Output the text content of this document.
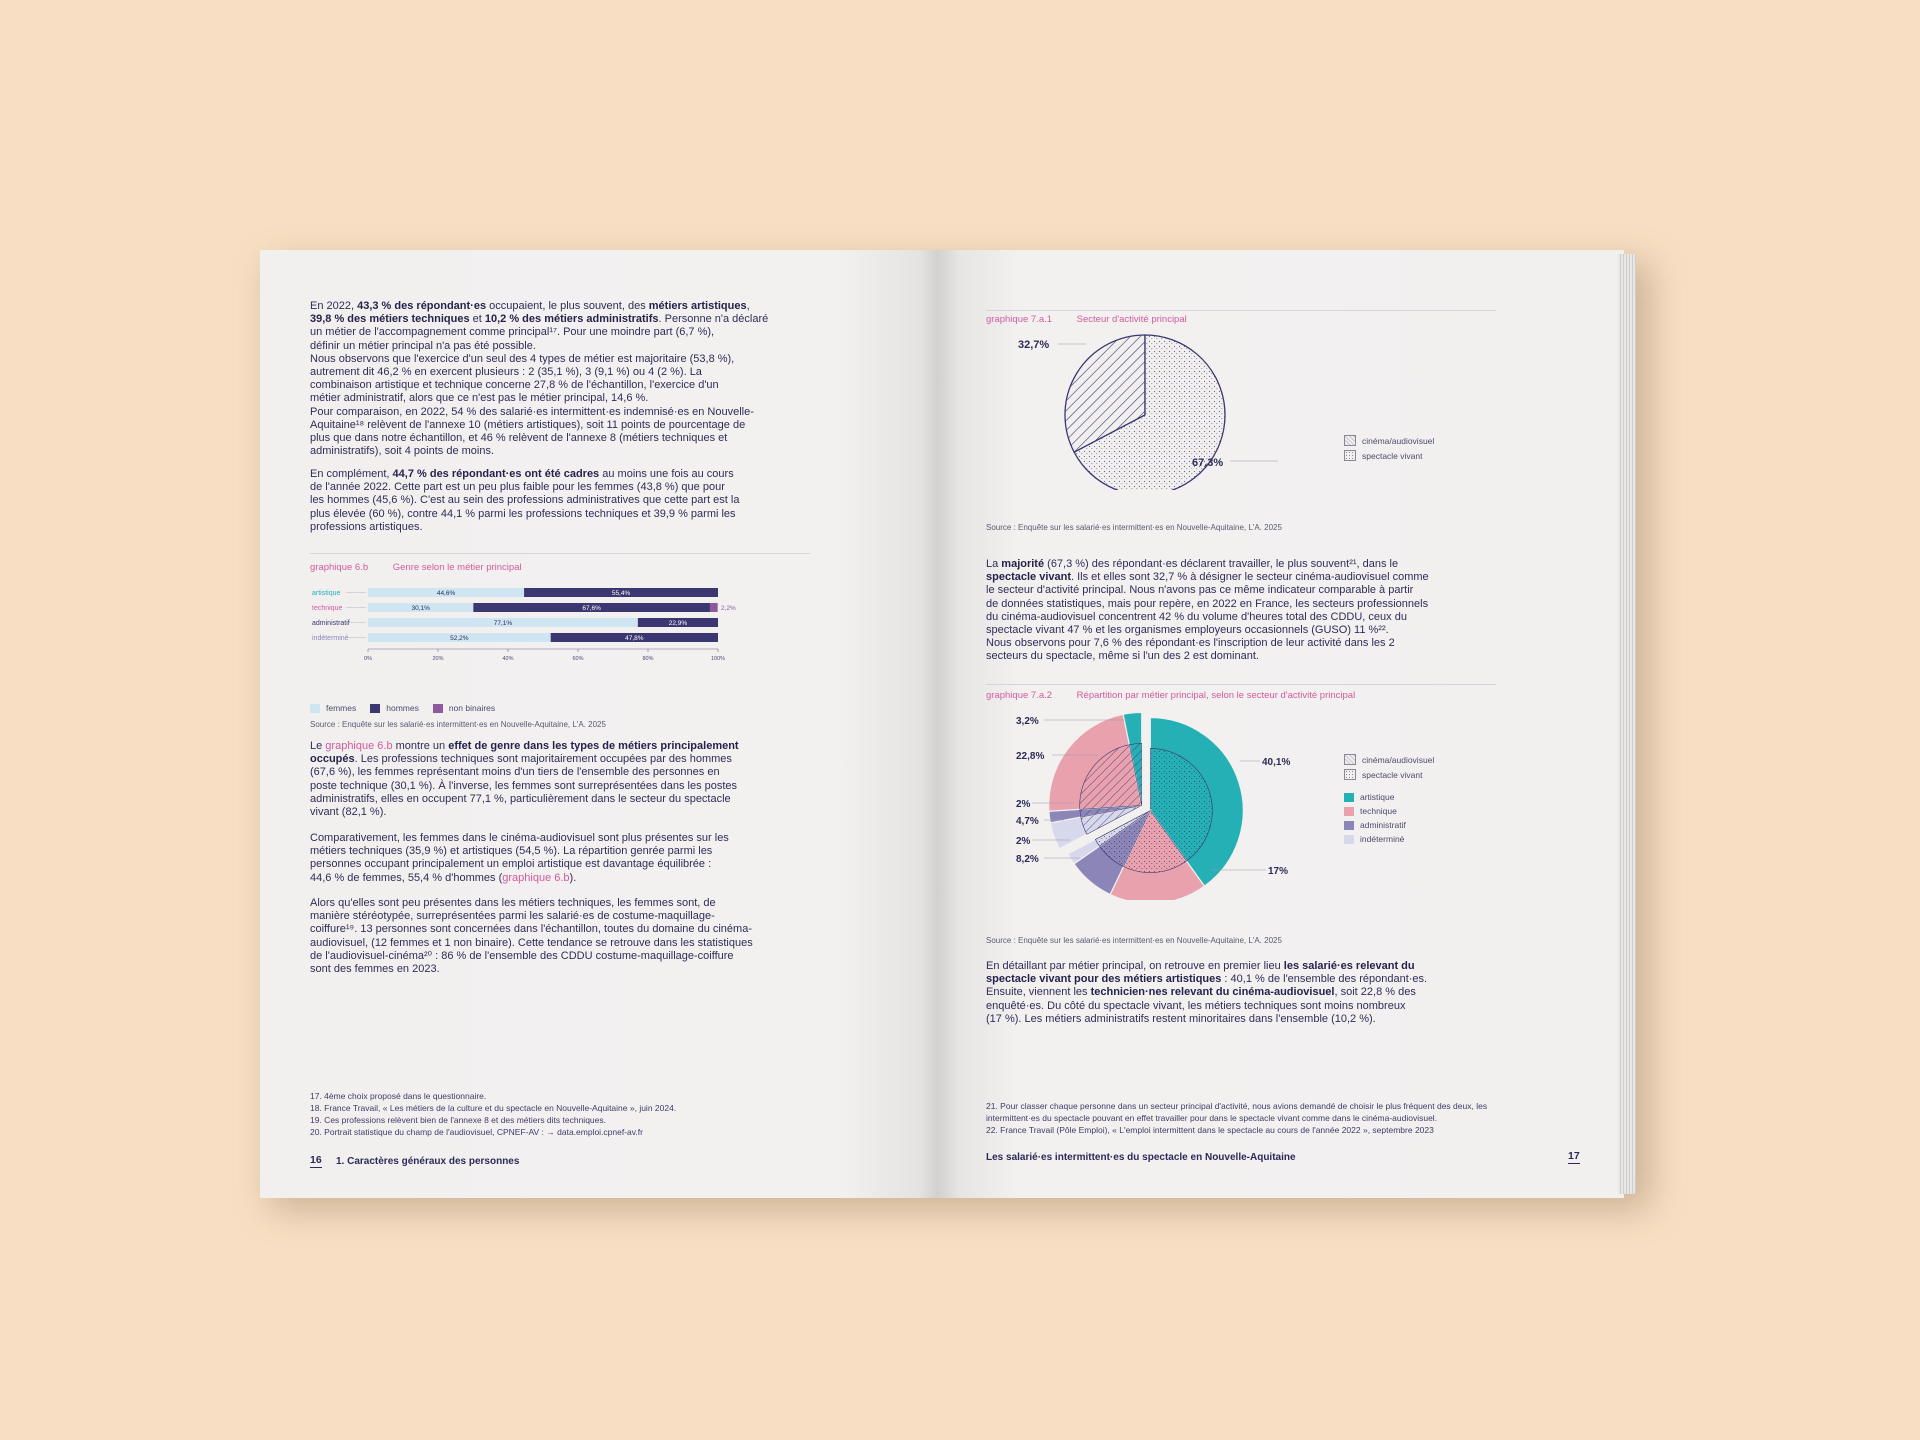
En 2022, 43,3 % des répondant·es occupaient, le plus souvent, des métiers artistiques,
39,8 % des métiers techniques et 10,2 % des métiers administratifs. Personne n'a déclaré
un métier de l'accompagnement comme principal¹⁷. Pour une moindre part (6,7 %),
définir un métier principal n'a pas été possible.
Nous observons que l'exercice d'un seul des 4 types de métier est majoritaire (53,8 %),
autrement dit 46,2 % en exercent plusieurs : 2 (35,1 %), 3 (9,1 %) ou 4 (2 %). La
combinaison artistique et technique concerne 27,8 % de l'échantillon, l'exercice d'un
métier administratif, alors que ce n'est pas le métier principal, 14,6 %.
Pour comparaison, en 2022, 54 % des salarié·es intermittent·es indemnisé·es en Nouvelle-
Aquitaine¹⁸ relèvent de l'annexe 10 (métiers artistiques), soit 11 points de pourcentage de
plus que dans notre échantillon, et 46 % relèvent de l'annexe 8 (métiers techniques et
administratifs), soit 4 points de moins.
En complément, 44,7 % des répondant·es ont été cadres au moins une fois au cours
de l'année 2022. Cette part est un peu plus faible pour les femmes (43,8 %) que pour
les hommes (45,6 %). C'est au sein des professions administratives que cette part est la
plus élevée (60 %), contre 44,1 % parmi les professions techniques et 39,9 % parmi les
professions artistiques.
graphique 6.b	Genre selon le métier principal
artistique	44,6%	55,4%
technique	30,1%	67,6%	2,2%
administratif	77,1%	22,9%
indéterminé	52,2%	47,8%
0%	20%	40%	60%	80%	100%
femmes	hommes	non binaires
Source : Enquête sur les salarié·es intermittent·es en Nouvelle-Aquitaine, L'A. 2025
Le graphique 6.b montre un effet de genre dans les types de métiers principalement
occupés. Les professions techniques sont majoritairement occupées par des hommes
(67,6 %), les femmes représentant moins d'un tiers de l'ensemble des personnes en
poste technique (30,1 %). À l'inverse, les femmes sont surreprésentées dans les postes
administratifs, elles en occupent 77,1 %, particulièrement dans le secteur du spectacle
vivant (82,1 %).
Comparativement, les femmes dans le cinéma-audiovisuel sont plus présentes sur les
métiers techniques (35,9 %) et artistiques (54,5 %). La répartition genrée parmi les
personnes occupant principalement un emploi artistique est davantage équilibrée :
44,6 % de femmes, 55,4 % d'hommes (graphique 6.b).
Alors qu'elles sont peu présentes dans les métiers techniques, les femmes sont, de
manière stéréotypée, surreprésentées parmi les salarié·es de costume-maquillage-
coiffure¹⁹. 13 personnes sont concernées dans l'échantillon, toutes du domaine du cinéma-
audiovisuel, (12 femmes et 1 non binaire). Cette tendance se retrouve dans les statistiques
de l'audiovisuel-cinéma²⁰ : 86 % de l'ensemble des CDDU costume-maquillage-coiffure
sont des femmes en 2023.
17. 4ème choix proposé dans le questionnaire.
18. France Travail, « Les métiers de la culture et du spectacle en Nouvelle-Aquitaine », juin 2024.
19. Ces professions relèvent bien de l'annexe 8 et des métiers dits techniques.
20. Portrait statistique du champ de l'audiovisuel, CPNEF-AV : → data.emploi.cpnef-av.fr
16 1. Caractères généraux des personnes
graphique 7.a.1	Secteur d'activité principal
32,7%
67,3%
cinéma/audiovisuel
spectacle vivant
Source : Enquête sur les salarié·es intermittent·es en Nouvelle-Aquitaine, L'A. 2025
La majorité (67,3 %) des répondant·es déclarent travailler, le plus souvent²¹, dans le
spectacle vivant. Ils et elles sont 32,7 % à désigner le secteur cinéma-audiovisuel comme
le secteur d'activité principal. Nous n'avons pas ce même indicateur comparable à partir
de données statistiques, mais pour repère, en 2022 en France, les secteurs professionnels
du cinéma-audiovisuel concentrent 42 % du volume d'heures total des CDDU, ceux du
spectacle vivant 47 % et les organismes employeurs occasionnels (GUSO) 11 %²².
Nous observons pour 7,6 % des répondant·es l'inscription de leur activité dans les 2
secteurs du spectacle, même si l'un des 2 est dominant.
graphique 7.a.2	Répartition par métier principal, selon le secteur d'activité principal
3,2%
22,8%
40,1%
2%
4,7%
2%
8,2%
17%
cinéma/audiovisuel
spectacle vivant
artistique
technique
administratif
indéterminé
Source : Enquête sur les salarié·es intermittent·es en Nouvelle-Aquitaine, L'A. 2025
En détaillant par métier principal, on retrouve en premier lieu les salarié·es relevant du
spectacle vivant pour des métiers artistiques : 40,1 % de l'ensemble des répondant·es.
Ensuite, viennent les technicien·nes relevant du cinéma-audiovisuel, soit 22,8 % des
enquêté·es. Du côté du spectacle vivant, les métiers techniques sont moins nombreux
(17 %). Les métiers administratifs restent minoritaires dans l'ensemble (10,2 %).
21. Pour classer chaque personne dans un secteur principal d'activité, nous avions demandé de choisir le plus fréquent des deux, les
intermittent·es du spectacle pouvant en effet travailler pour dans le spectacle vivant comme dans le cinéma-audiovisuel.
22. France Travail (Pôle Emploi), « L'emploi intermittent dans le spectacle au cours de l'année 2022 », septembre 2023
Les salarié·es intermittent·es du spectacle en Nouvelle-Aquitaine	17
